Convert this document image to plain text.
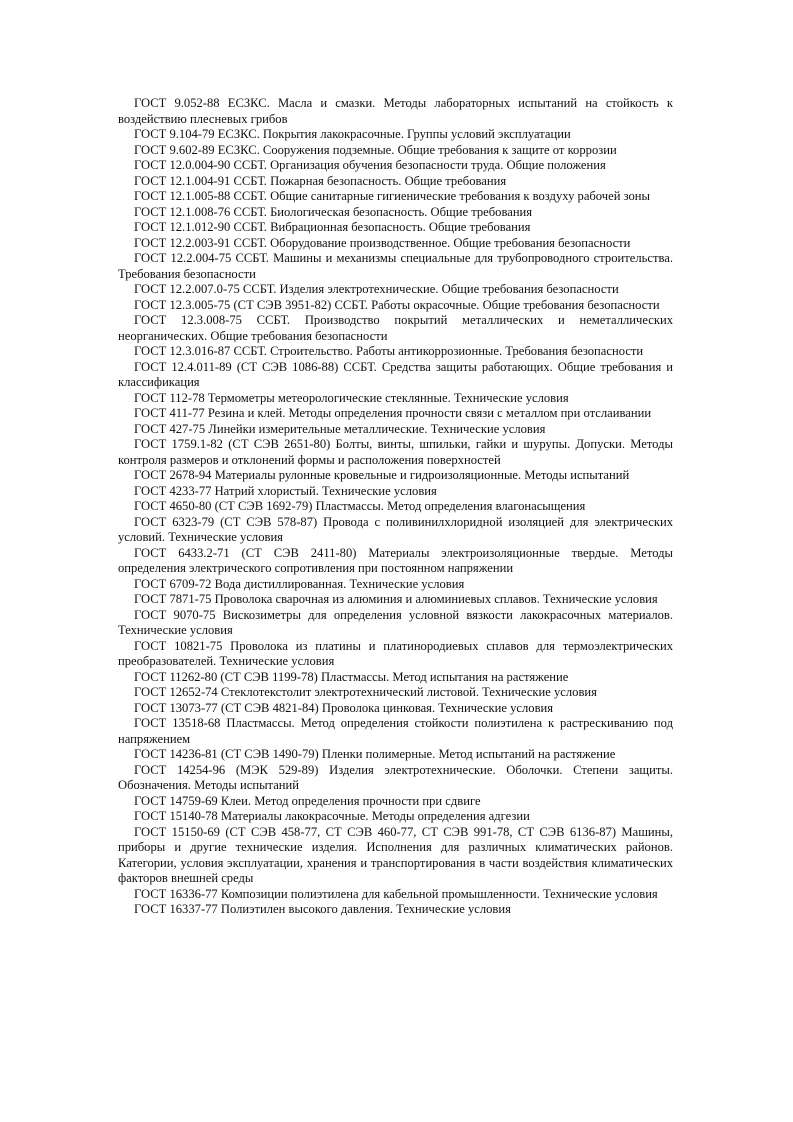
ГОСТ 9.052-88 ЕСЗКС. Масла и смазки. Методы лабораторных испытаний на стойкость к воздействию плесневых грибов

ГОСТ 9.104-79 ЕСЗКС. Покрытия лакокрасочные. Группы условий эксплуатации

ГОСТ 9.602-89 ЕСЗКС. Сооружения подземные. Общие требования к защите от коррозии

ГОСТ 12.0.004-90 ССБТ. Организация обучения безопасности труда. Общие положения

ГОСТ 12.1.004-91 ССБТ. Пожарная безопасность. Общие требования

ГОСТ 12.1.005-88 ССБТ. Общие санитарные гигиенические требования к воздуху рабочей зоны

ГОСТ 12.1.008-76 ССБТ. Биологическая безопасность. Общие требования

ГОСТ 12.1.012-90 ССБТ. Вибрационная безопасность. Общие требования

ГОСТ 12.2.003-91 ССБТ. Оборудование производственное. Общие требования безопасности

ГОСТ 12.2.004-75 ССБТ. Машины и механизмы специальные для трубопроводного строительства. Требования безопасности

ГОСТ 12.2.007.0-75 ССБТ. Изделия электротехнические. Общие требования безопасности

ГОСТ 12.3.005-75 (СТ СЭВ 3951-82) ССБТ. Работы окрасочные. Общие требования безопасности

ГОСТ 12.3.008-75 ССБТ. Производство покрытий металлических и неметаллических неорганических. Общие требования безопасности

ГОСТ 12.3.016-87 ССБТ. Строительство. Работы антикоррозионные. Требования безопасности

ГОСТ 12.4.011-89 (СТ СЭВ 1086-88) ССБТ. Средства защиты работающих. Общие требования и классификация

ГОСТ 112-78 Термометры метеорологические стеклянные. Технические условия

ГОСТ 411-77 Резина и клей. Методы определения прочности связи с металлом при отслаивании

ГОСТ 427-75 Линейки измерительные металлические. Технические условия

ГОСТ 1759.1-82 (СТ СЭВ 2651-80) Болты, винты, шпильки, гайки и шурупы. Допуски. Методы контроля размеров и отклонений формы и расположения поверхностей

ГОСТ 2678-94 Материалы рулонные кровельные и гидроизоляционные. Методы испытаний

ГОСТ 4233-77 Натрий хлористый. Технические условия

ГОСТ 4650-80 (СТ СЭВ 1692-79) Пластмассы. Метод определения влагонасыщения

ГОСТ 6323-79 (СТ СЭВ 578-87) Провода с поливинилхлоридной изоляцией для электрических условий. Технические условия

ГОСТ 6433.2-71 (СТ СЭВ 2411-80) Материалы электроизоляционные твердые. Методы определения электрического сопротивления при постоянном напряжении

ГОСТ 6709-72 Вода дистиллированная. Технические условия

ГОСТ 7871-75 Проволока сварочная из алюминия и алюминиевых сплавов. Технические условия

ГОСТ 9070-75 Вискозиметры для определения условной вязкости лакокрасочных материалов. Технические условия

ГОСТ 10821-75 Проволока из платины и платинородиевых сплавов для термоэлектрических преобразователей. Технические условия

ГОСТ 11262-80 (СТ СЭВ 1199-78) Пластмассы. Метод испытания на растяжение

ГОСТ 12652-74 Стеклотекстолит электротехнический листовой. Технические условия

ГОСТ 13073-77 (СТ СЭВ 4821-84) Проволока цинковая. Технические условия

ГОСТ 13518-68 Пластмассы. Метод определения стойкости полиэтилена к растрескиванию под напряжением

ГОСТ 14236-81 (СТ СЭВ 1490-79) Пленки полимерные. Метод испытаний на растяжение

ГОСТ 14254-96 (МЭК 529-89) Изделия электротехнические. Оболочки. Степени защиты. Обозначения. Методы испытаний

ГОСТ 14759-69 Клеи. Метод определения прочности при сдвиге

ГОСТ 15140-78 Материалы лакокрасочные. Методы определения адгезии

ГОСТ 15150-69 (СТ СЭВ 458-77, СТ СЭВ 460-77, СТ СЭВ 991-78, СТ СЭВ 6136-87) Машины, приборы и другие технические изделия. Исполнения для различных климатических районов. Категории, условия эксплуатации, хранения и транспортирования в части воздействия климатических факторов внешней среды

ГОСТ 16336-77 Композиции полиэтилена для кабельной промышленности. Технические условия

ГОСТ 16337-77 Полиэтилен высокого давления. Технические условия
